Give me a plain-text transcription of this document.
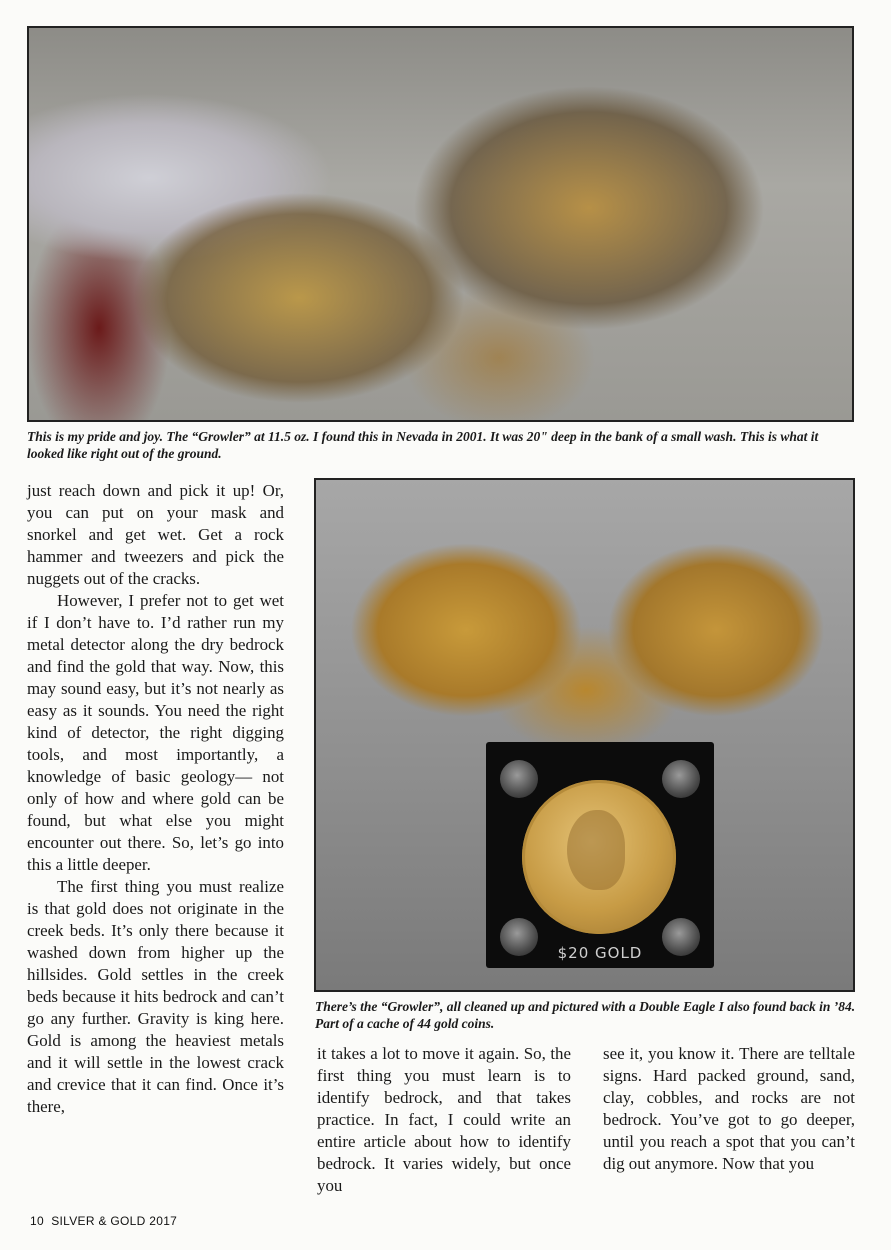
This is my pride and joy. The “Growler” at 11.5 oz. I found this in Nevada in 2001. It was 20" deep in the bank of a small wash. This is what it looked like right out of the ground.

$20 GOLD

There’s the “Growler”, all cleaned up and pictured with a Double Eagle I also found back in ’84. Part of a cache of 44 gold coins.

just reach down and pick it up! Or, you can put on your mask and snorkel and get wet. Get a rock hammer and tweezers and pick the nuggets out of the cracks.

However, I prefer not to get wet if I don’t have to. I’d rather run my metal detector along the dry bedrock and find the gold that way. Now, this may sound easy, but it’s not nearly as easy as it sounds. You need the right kind of detector, the right digging tools, and most importantly, a knowledge of basic geology— not only of how and where gold can be found, but what else you might encounter out there. So, let’s go into this a little deeper.

The first thing you must realize is that gold does not originate in the creek beds. It’s only there because it washed down from higher up the hillsides. Gold settles in the creek beds because it hits bedrock and can’t go any further. Gravity is king here. Gold is among the heaviest metals and it will settle in the lowest crack and crevice that it can find. Once it’s there,

it takes a lot to move it again. So, the first thing you must learn is to identify bedrock, and that takes practice. In fact, I could write an entire article about how to identify bedrock. It varies widely, but once you

see it, you know it. There are telltale signs. Hard packed ground, sand, clay, cobbles, and rocks are not bedrock. You’ve got to go deeper, until you reach a spot that you can’t dig out anymore. Now that you

10 SILVER & GOLD 2017
